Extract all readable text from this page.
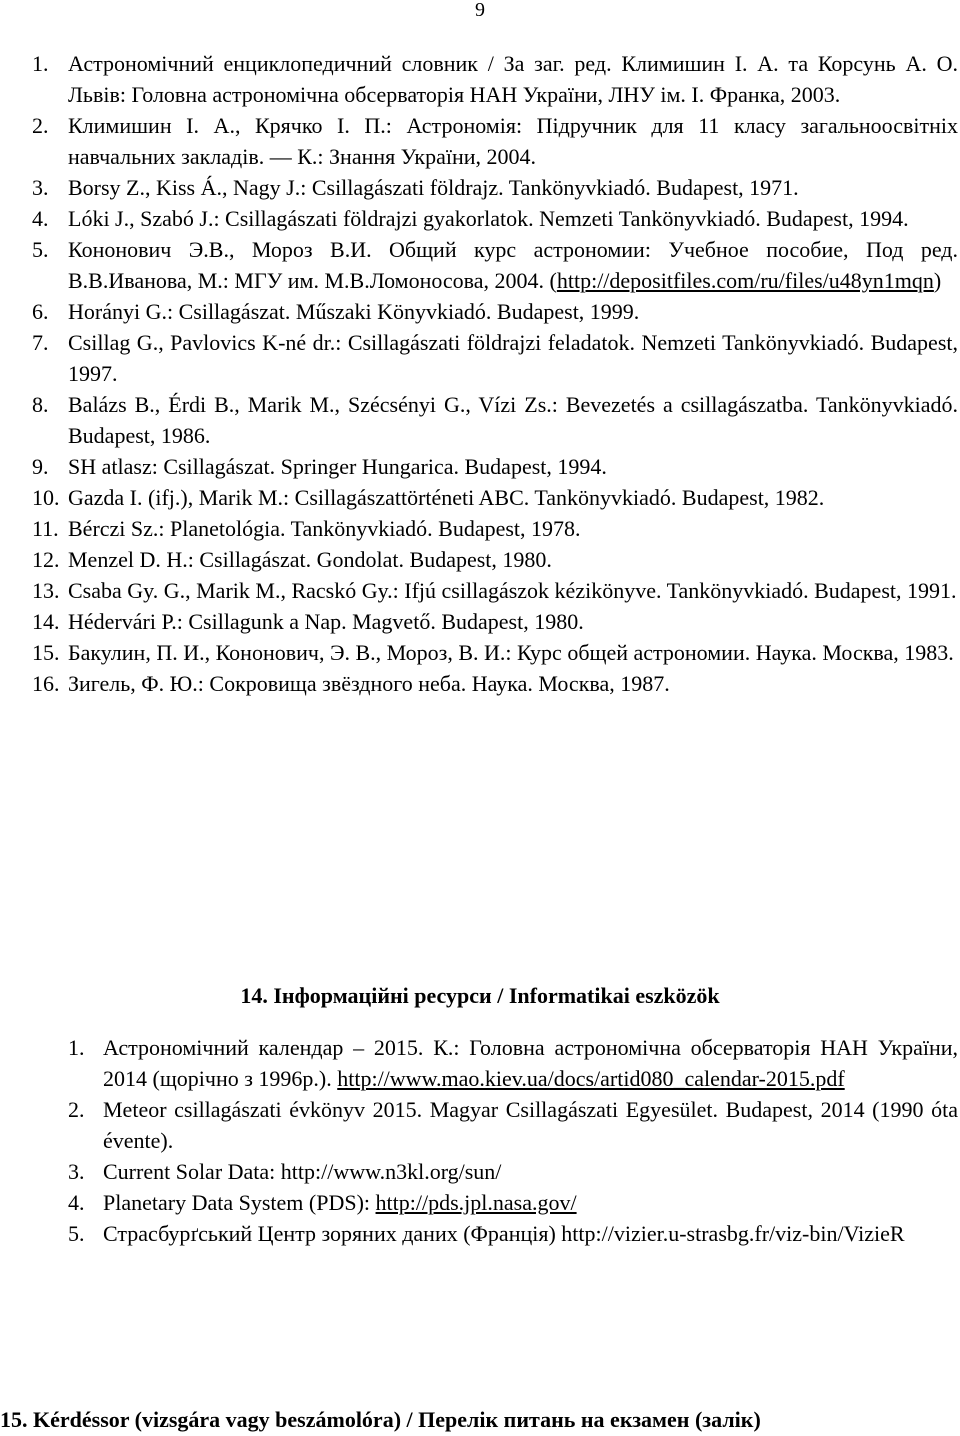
9
1. Астрономічний енциклопедичний словник / За заг. ред. Климишин І. А. та Корсунь А. О. Львів: Головна астрономічна обсерваторія НАН України, ЛНУ ім. І. Франка, 2003.
2. Климишин І. А., Крячко І. П.: Астрономія: Підручник для 11 класу загальноосвітніх навчальних закладів. — К.: Знання України, 2004.
3. Borsy Z., Kiss Á., Nagy J.: Csillagászati földrajz. Tankönyvkiadó. Budapest, 1971.
4. Lóki J., Szabó J.: Csillagászati földrajzi gyakorlatok. Nemzeti Tankönyvkiadó. Budapest, 1994.
5. Кононович Э.В., Мороз В.И. Общий курс астрономии: Учебное пособие, Под ред. В.В.Иванова, М.: МГУ им. М.В.Ломоносова, 2004. (http://depositfiles.com/ru/files/u48yn1mqn)
6. Horányi G.: Csillagászat. Műszaki Könyvkiadó. Budapest, 1999.
7. Csillag G., Pavlovics K-né dr.: Csillagászati földrajzi feladatok. Nemzeti Tankönyvkiadó. Budapest, 1997.
8. Balázs B., Érdi B., Marik M., Szécsényi G., Vízi Zs.: Bevezetés a csillagászatba. Tankönyvkiadó. Budapest, 1986.
9. SH atlasz: Csillagászat. Springer Hungarica. Budapest, 1994.
10. Gazda I. (ifj.), Marik M.: Csillagászattörténeti ABC. Tankönyvkiadó. Budapest, 1982.
11. Bérczi Sz.: Planetológia. Tankönyvkiadó. Budapest, 1978.
12. Menzel D. H.: Csillagászat. Gondolat. Budapest, 1980.
13. Csaba Gy. G., Marik M., Racskó Gy.: Ifjú csillagászok kézikönyve. Tankönyvkiadó. Budapest, 1991.
14. Hédervári P.: Csillagunk a Nap. Magvető. Budapest, 1980.
15. Бакулин, П. И., Кононович, Э. В., Мороз, В. И.: Курс общей астрономии. Наука. Москва, 1983.
16. Зигель, Ф. Ю.: Сокровища звёздного неба. Наука. Москва, 1987.
14. Інформаційні ресурси / Informatikai eszközök
1. Астрономічний календар – 2015. К.: Головна астрономічна обсерваторія НАН України, 2014 (щорічно з 1996р.). http://www.mao.kiev.ua/docs/artid080_calendar-2015.pdf
2. Meteor csillagászati évkönyv 2015. Magyar Csillagászati Egyesület. Budapest, 2014 (1990 óta évente).
3. Current Solar Data: http://www.n3kl.org/sun/
4. Planetary Data System (PDS): http://pds.jpl.nasa.gov/
5. Страсбурґський Центр зоряних даних (Франція) http://vizier.u-strasbg.fr/viz-bin/VizieR
15. Kérdéssor (vizsgára vagy beszámolóra) / Перелік питань на екзамен (залік)
